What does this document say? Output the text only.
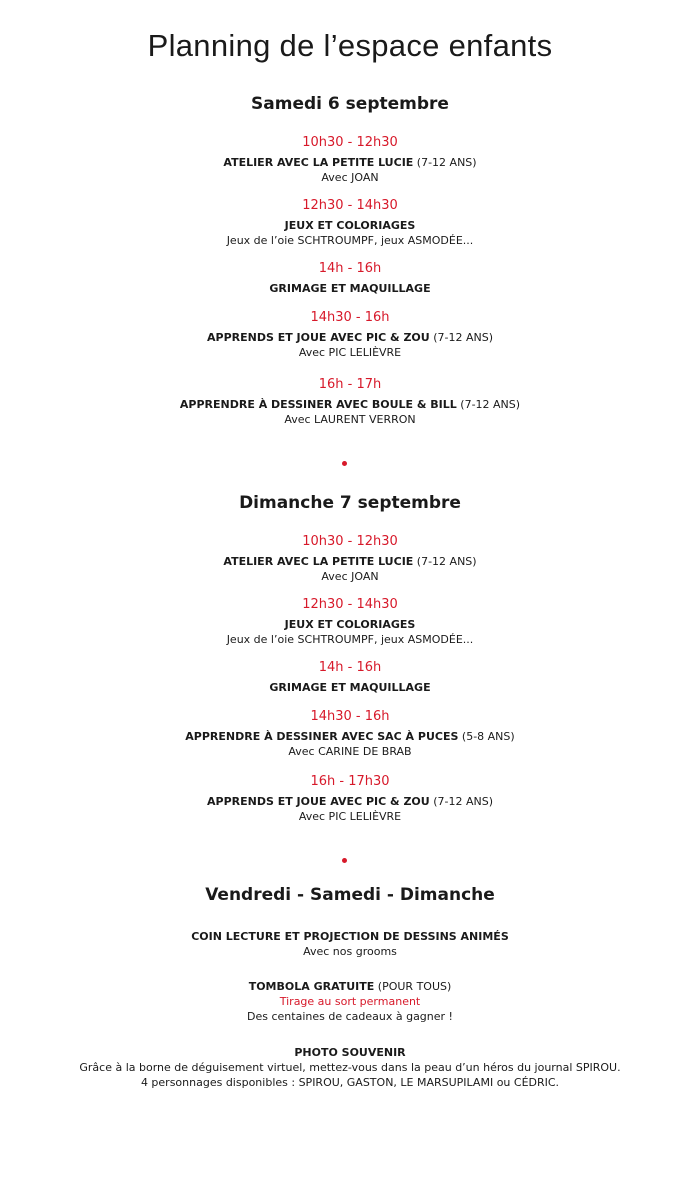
Planning de l’espace enfants
Samedi 6 septembre
10h30 - 12h30
ATELIER AVEC LA PETITE LUCIE (7-12 ANS)
Avec JOAN
12h30 - 14h30
JEUX ET COLORIAGES
Jeux de l’oie SCHTROUMPF, jeux ASMODÉE...
14h - 16h
GRIMAGE ET MAQUILLAGE
14h30 - 16h
APPRENDS ET JOUE AVEC PIC & ZOU (7-12 ANS)
Avec PIC LELIÈVRE
16h - 17h
APPRENDRE À DESSINER AVEC BOULE & BILL (7-12 ANS)
Avec LAURENT VERRON
Dimanche 7 septembre
10h30 - 12h30
ATELIER AVEC LA PETITE LUCIE (7-12 ANS)
Avec JOAN
12h30 - 14h30
JEUX ET COLORIAGES
Jeux de l’oie SCHTROUMPF, jeux ASMODÉE...
14h - 16h
GRIMAGE ET MAQUILLAGE
14h30 - 16h
APPRENDRE À DESSINER AVEC SAC À PUCES (5-8 ANS)
Avec CARINE DE BRAB
16h - 17h30
APPRENDS ET JOUE AVEC PIC & ZOU (7-12 ANS)
Avec PIC LELIÈVRE
Vendredi - Samedi - Dimanche
COIN LECTURE ET PROJECTION DE DESSINS ANIMÉS
Avec nos grooms
TOMBOLA GRATUITE (POUR TOUS)
Tirage au sort permanent
Des centaines de cadeaux à gagner !
PHOTO SOUVENIR
Grâce à la borne de déguisement virtuel, mettez-vous dans la peau d’un héros du journal SPIROU.
4 personnages disponibles : SPIROU, GASTON, LE MARSUPILAMI ou CÉDRIC.
